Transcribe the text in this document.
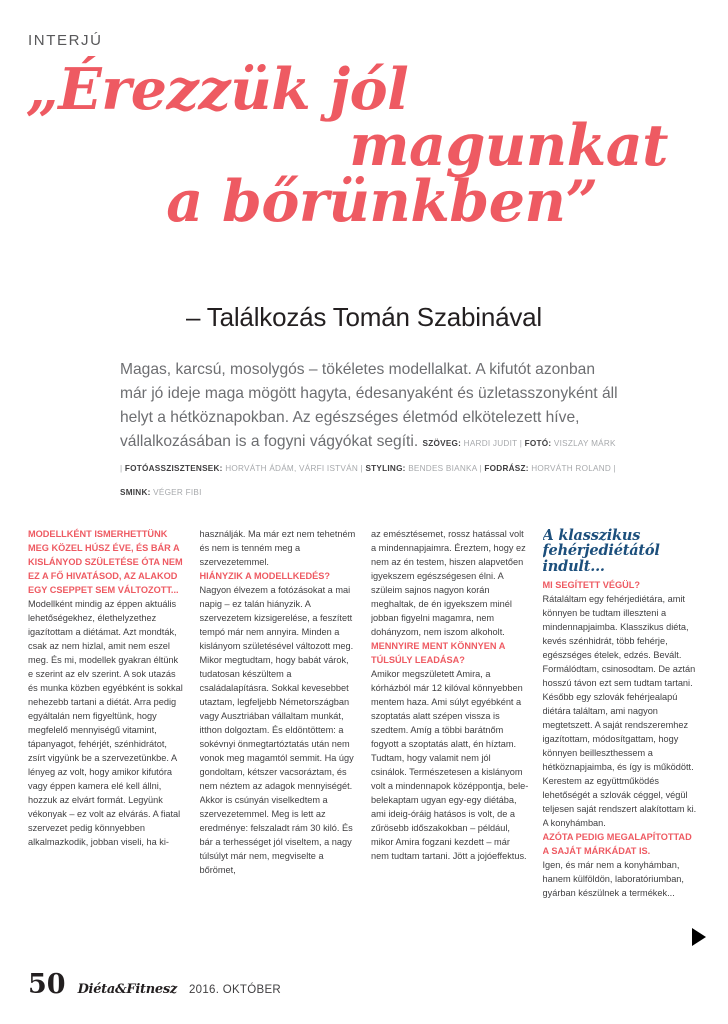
INTERJÚ
„Érezzük jól
magunkat
a bőrünkben”
– Találkozás Tomán Szabinával
Magas, karcsú, mosolygós – tökéletes modellalkat. A kifutót azonban már jó ideje maga mögött hagyta, édesanyaként és üzletasszonyként áll helyt a hétköznapokban. Az egészséges életmód elkötelezett híve, vállalkozásában is a fogyni vágyókat segíti. SZÖVEG: HARDI JUDIT | FOTÓ: VISZLAY MÁRK | FOTÓASSZISZTENSEK: HORVÁTH ÁDÁM, VÁRFI ISTVÁN | STYLING: BENDES BIANKA | FODRÁSZ: HORVÁTH ROLAND | SMINK: VÉGER FIBI

MODELLKÉNT ISMERHETTÜNK MEG KÖZEL HÚSZ ÉVE, ÉS BÁR A KISLÁNYOD SZÜLETÉSE ÓTA NEM EZ A FŐ HIVATÁSOD, AZ ALAKOD EGY CSEPPET SEM VÁLTOZOTT...
Modellként mindig az éppen aktuális lehetőségekhez, élethelyzethez igazítottam a diétámat. Azt mondták, csak az nem hizlal, amit nem eszel meg. És mi, modellek gyakran éltünk e szerint az elv szerint. A sok utazás és munka közben egyébként is sokkal nehezebb tartani a diétát. Arra pedig egyáltalán nem figyeltünk, hogy megfelelő mennyiségű vitamint, tápanyagot, fehérjét, szénhidrátot, zsírt vigyünk be a szervezetünkbe. A lényeg az volt, hogy amikor kifutóra vagy éppen kamera elé kell állni, hozzuk az elvárt formát. Legyünk vékonyak – ez volt az elvárás. A fiatal szervezet pedig könnyebben alkalmazkodik, jobban viseli, ha ki-

használják. Ma már ezt nem tehetném és nem is tenném meg a szervezetemmel.
HIÁNYZIK A MODELLKEDÉS?
Nagyon élvezem a fotózásokat a mai napig – ez talán hiányzik. A szervezetem kizsigerelése, a feszített tempó már nem annyira. Minden a kislányom születésével változott meg. Mikor megtudtam, hogy babát várok, tudatosan készültem a családalapításra. Sokkal kevesebbet utaztam, legfeljebb Németországban vagy Ausztriában vállaltam munkát, itthon dolgoztam. És eldöntöttem: a sokévnyi önmegtartóztatás után nem vonok meg magamtól semmit. Ha úgy gondoltam, kétszer vacsoráztam, és nem néztem az adagok mennyiségét. Akkor is csúnyán viselkedtem a szervezetemmel. Meg is lett az eredménye: felszaladt rám 30 kiló. És bár a terhességet jól viseltem, a nagy túlsúlyt már nem, megviselte a bőrömet,

az emésztésemet, rossz hatással volt a mindennapjaimra. Éreztem, hogy ez nem az én testem, hiszen alapvetően igyekszem egészségesen élni. A szüleim sajnos nagyon korán meghaltak, de én igyekszem minél jobban figyelni magamra, nem dohányzom, nem iszom alkoholt.
MENNYIRE MENT KÖNNYEN A TÚLSÚLY LEADÁSA?
Amikor megszületett Amira, a kórházból már 12 kilóval könnyebben mentem haza. Ami súlyt egyébként a szoptatás alatt szépen vissza is szedtem. Amíg a többi barátnőm fogyott a szoptatás alatt, én híztam. Tudtam, hogy valamit nem jól csinálok. Természetesen a kislányom volt a mindennapok középpontja, bele-belekaptam ugyan egy-egy diétába, ami ideig-óráig hatásos is volt, de a zűrösebb időszakokban – például, mikor Amira fogzani kezdett – már nem tudtam tartani. Jött a jojóeffektus.

A klasszikus fehérjediétától indult...

MI SEGÍTETT VÉGÜL?
Rátaláltam egy fehérjediétára, amit könnyen be tudtam illeszteni a mindennapjaimba. Klasszikus diéta, kevés szénhidrát, több fehérje, egészséges ételek, edzés. Bevált. Formálódtam, csinosodtam. De aztán hosszú távon ezt sem tudtam tartani. Később egy szlovák fehérjealapú diétára találtam, ami nagyon megtetszett. A saját rendszeremhez igazítottam, módosítgattam, hogy könnyen beilleszthessem a hétköznapjaimba, és így is működött. Kerestem az együttműködés lehetőségét a szlovák céggel, végül teljesen saját rendszert alakítottam ki. A konyhámban.
AZÓTA PEDIG MEGALAPÍTOTTAD A SAJÁT MÁRKÁDAT IS.
Igen, és már nem a konyhámban, hanem külföldön, laboratóriumban, gyárban készülnek a termékek...

50 Diéta&Fitnesz 2016. OKTÓBER
